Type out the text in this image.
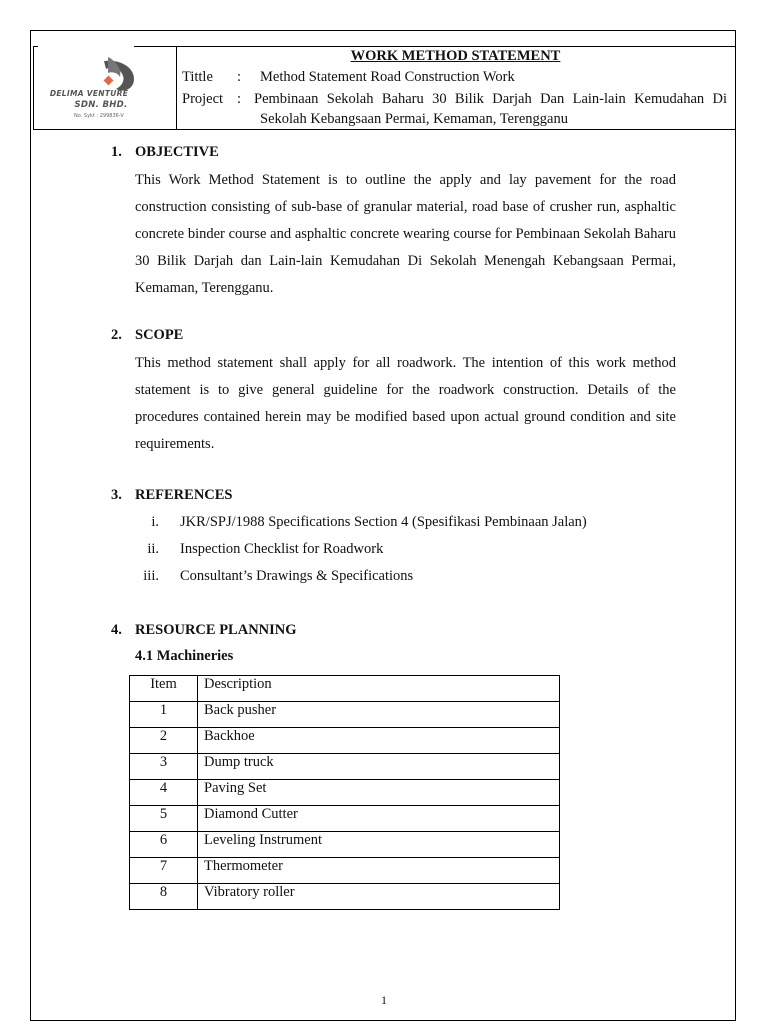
DELIMA VENTURE
SDN. BHD.
No. Sykt : 299836-V
WORK METHOD STATEMENT
Tittle : Method Statement Road Construction Work
Project : Pembinaan Sekolah Baharu 30 Bilik Darjah Dan Lain-lain Kemudahan Di
Sekolah Kebangsaan Permai, Kemaman, Terengganu
1. OBJECTIVE
This Work Method Statement is to outline the apply and lay pavement for the road construction consisting of sub-base of granular material, road base of crusher run, asphaltic concrete binder course and asphaltic concrete wearing course for Pembinaan Sekolah Baharu 30 Bilik Darjah dan Lain-lain Kemudahan Di Sekolah Menengah Kebangsaan Permai, Kemaman, Terengganu.
2. SCOPE
This method statement shall apply for all roadwork. The intention of this work method statement is to give general guideline for the roadwork construction. Details of the procedures contained herein may be modified based upon actual ground condition and site requirements.
3. REFERENCES
i. JKR/SPJ/1988 Specifications Section 4 (Spesifikasi Pembinaan Jalan)
ii. Inspection Checklist for Roadwork
iii. Consultant’s Drawings & Specifications
4. RESOURCE PLANNING
4.1 Machineries
Item	Description
1	Back pusher
2	Backhoe
3	Dump truck
4	Paving Set
5	Diamond Cutter
6	Leveling Instrument
7	Thermometer
8	Vibratory roller
1
